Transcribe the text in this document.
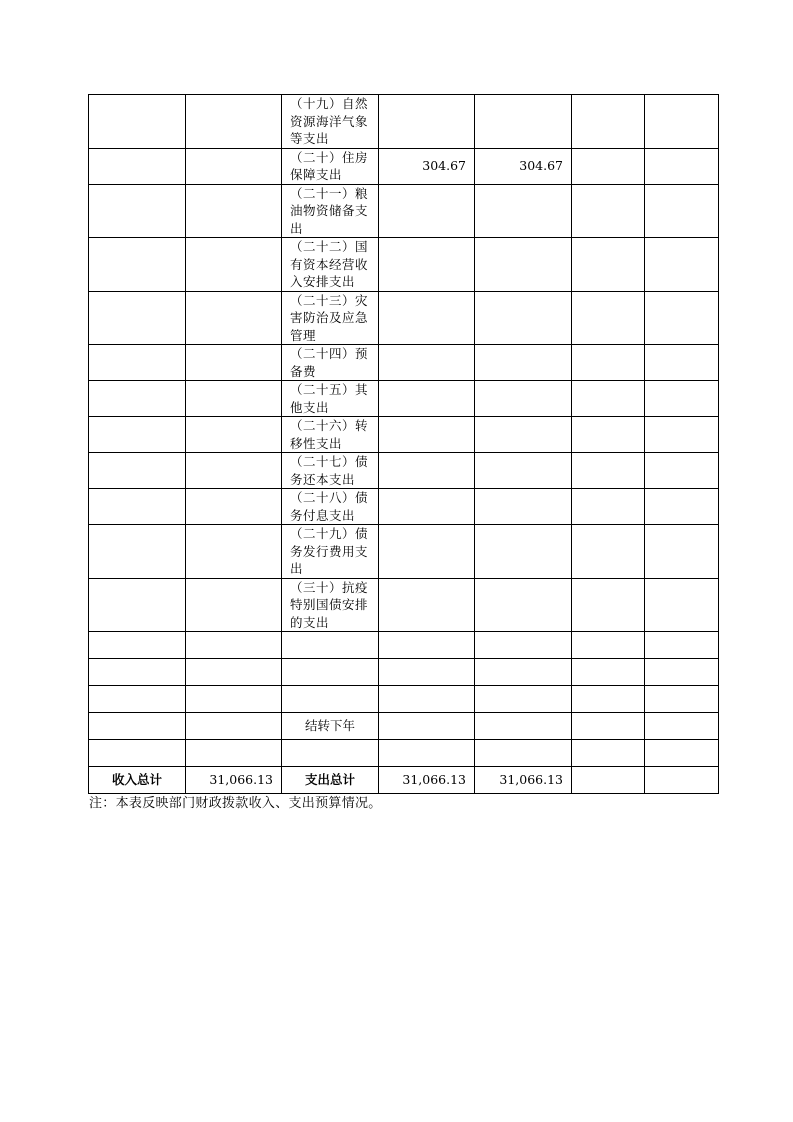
		（十九）自然资源海洋气象等支出				
		（二十）住房保障支出	304.67	304.67		
		（二十一）粮油物资储备支出				
		（二十二）国有资本经营收入安排支出				
		（二十三）灾害防治及应急管理				
		（二十四）预备费				
		（二十五）其他支出				
		（二十六）转移性支出				
		（二十七）债务还本支出				
		（二十八）债务付息支出				
		（二十九）债务发行费用支出				
		（三十）抗疫特别国债安排的支出				

		结转下年				

收入总计	31,066.13	支出总计	31,066.13	31,066.13		
注：本表反映部门财政拨款收入、支出预算情况。
